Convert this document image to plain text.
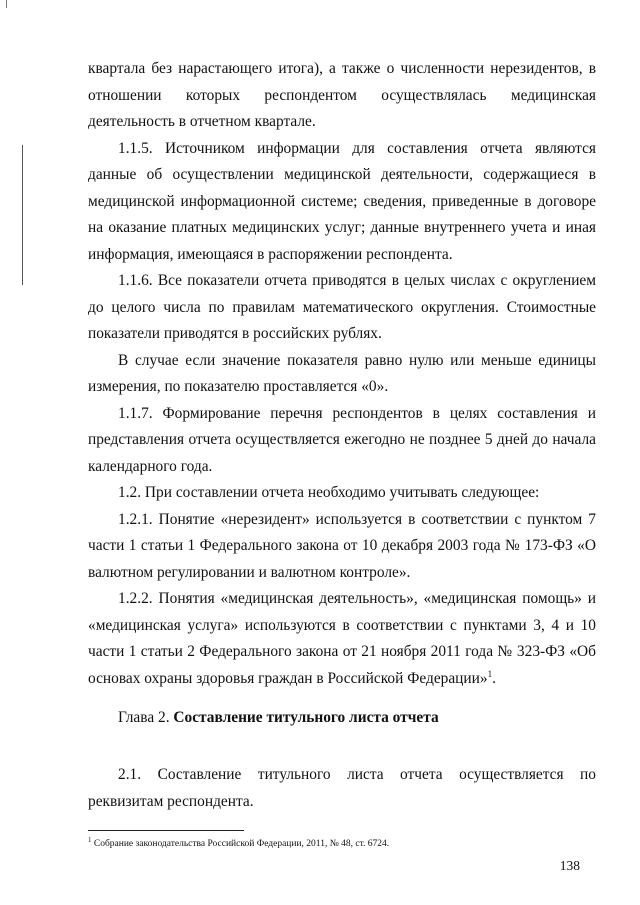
квартала без нарастающего итога), а также о численности нерезидентов, в отношении которых респондентом осуществлялась медицинская деятельность в отчетном квартале.

1.1.5. Источником информации для составления отчета являются данные об осуществлении медицинской деятельности, содержащиеся в медицинской информационной системе; сведения, приведенные в договоре на оказание платных медицинских услуг; данные внутреннего учета и иная информация, имеющаяся в распоряжении респондента.

1.1.6. Все показатели отчета приводятся в целых числах с округлением до целого числа по правилам математического округления. Стоимостные показатели приводятся в российских рублях.

В случае если значение показателя равно нулю или меньше единицы измерения, по показателю проставляется «0».

1.1.7. Формирование перечня респондентов в целях составления и представления отчета осуществляется ежегодно не позднее 5 дней до начала календарного года.

1.2. При составлении отчета необходимо учитывать следующее:

1.2.1. Понятие «нерезидент» используется в соответствии с пунктом 7 части 1 статьи 1 Федерального закона от 10 декабря 2003 года № 173-ФЗ «О валютном регулировании и валютном контроле».

1.2.2. Понятия «медицинская деятельность», «медицинская помощь» и «медицинская услуга» используются в соответствии с пунктами 3, 4 и 10 части 1 статьи 2 Федерального закона от 21 ноября 2011 года № 323-ФЗ «Об основах охраны здоровья граждан в Российской Федерации»$^1$.

Глава 2. Составление титульного листа отчета

2.1. Составление титульного листа отчета осуществляется по реквизитам респондента.

$^1$ Собрание законодательства Российской Федерации, 2011, № 48, ст. 6724.
138
